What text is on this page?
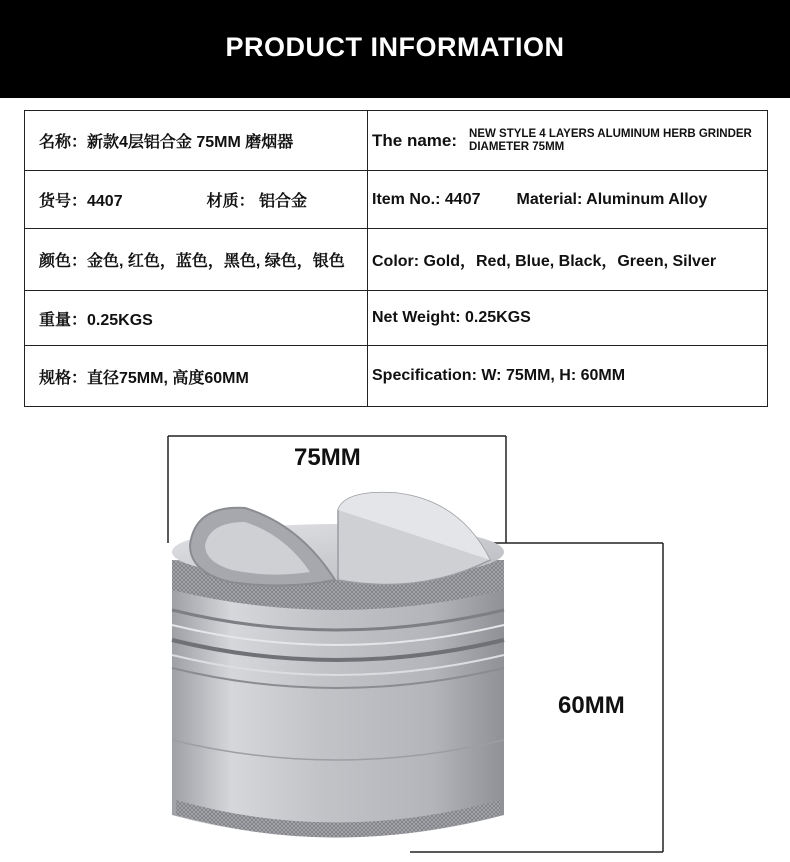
PRODUCT INFORMATION
名称：新款4层铝合金 75MM 磨烟器	The name: NEW STYLE 4 LAYERS ALUMINUM HERB GRINDER DIAMETER 75MM

货号：4407 材质： 铝合金	Item No.: 4407 Material: Aluminum Alloy
颜色：金色, 红色，蓝色，黑色, 绿色，银色	Color: Gold，Red, Blue, Black，Green, Silver
重量：0.25KGS	Net Weight: 0.25KGS
规格：直径75MM, 高度60MM	Specification: W: 75MM, H: 60MM
75MM
60MM
